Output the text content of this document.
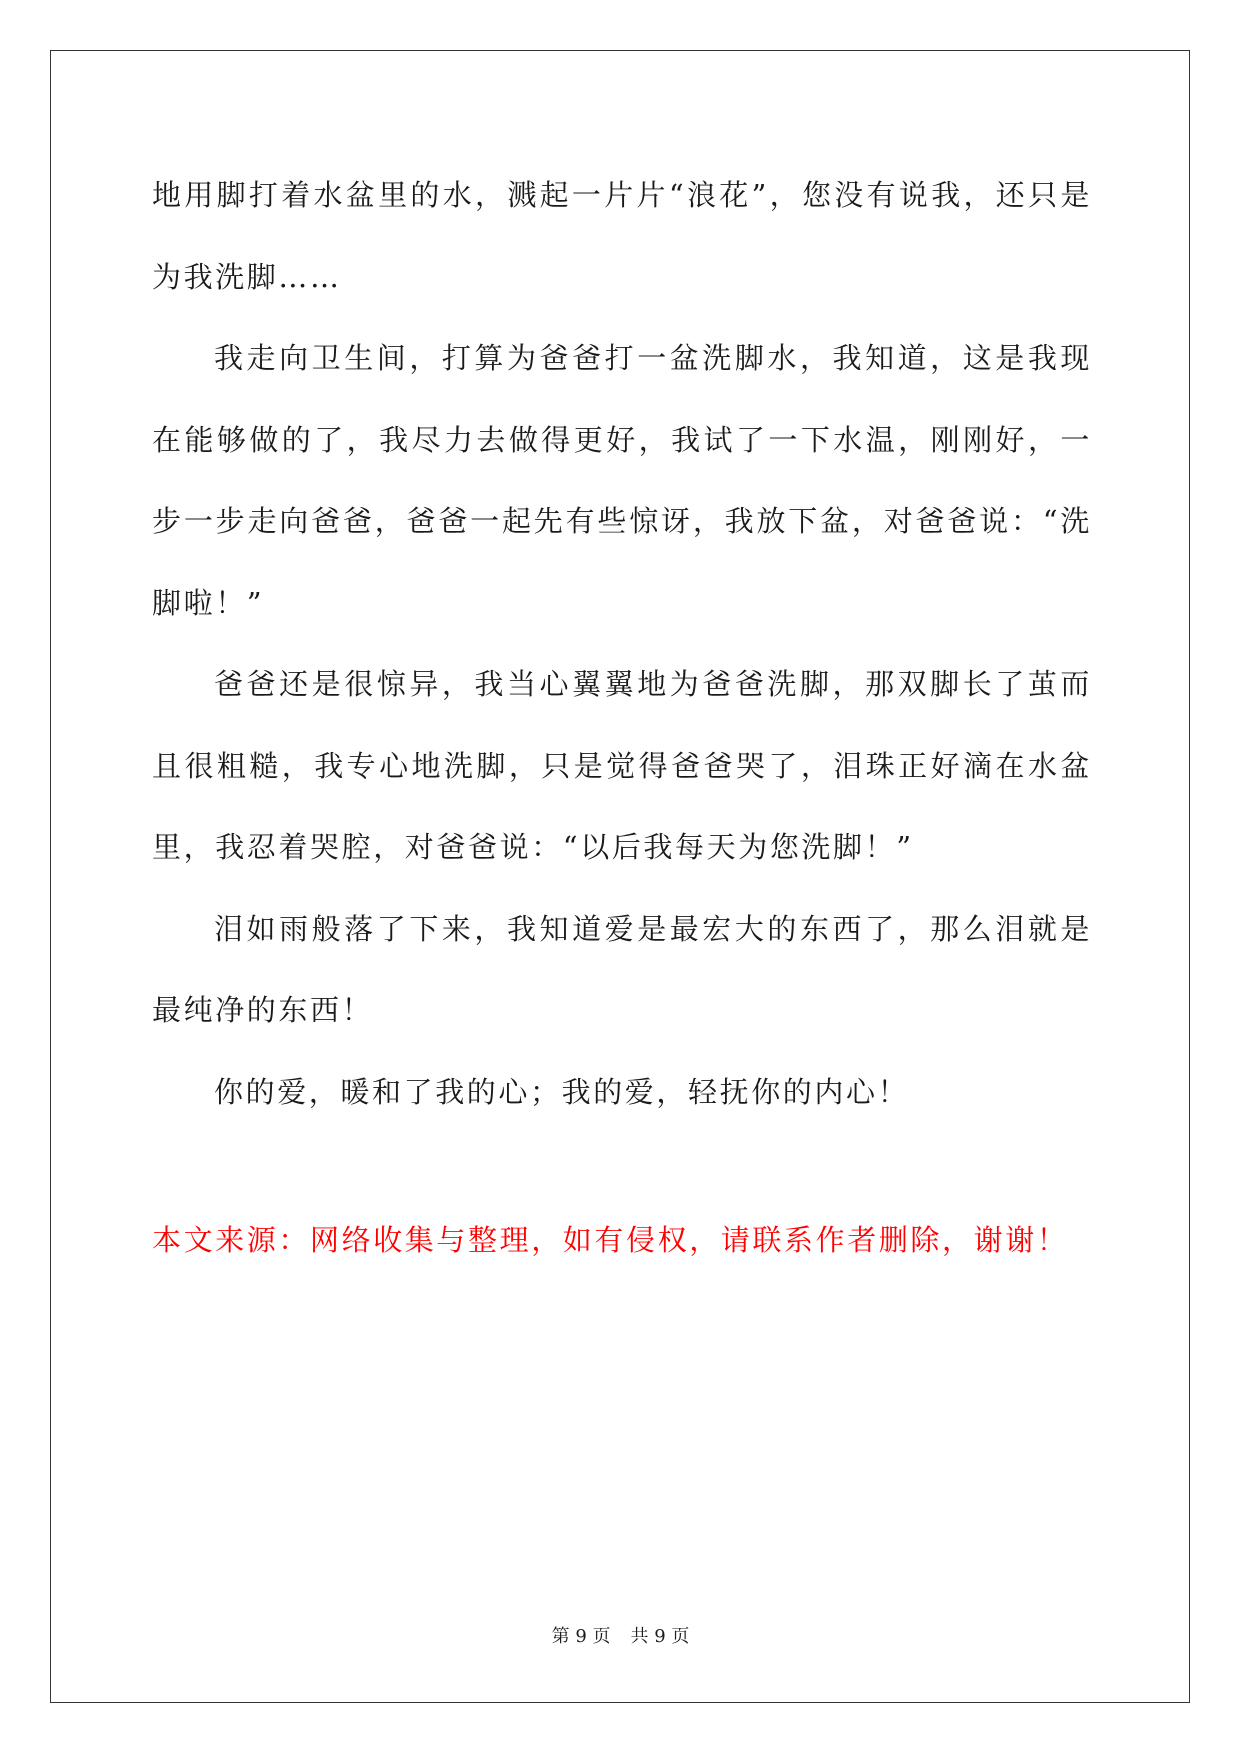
地用脚打着水盆里的水，溅起一片片“浪花”，您没有说我，还只是为我洗脚……

我走向卫生间，打算为爸爸打一盆洗脚水，我知道，这是我现在能够做的了，我尽力去做得更好，我试了一下水温，刚刚好，一步一步走向爸爸，爸爸一起先有些惊讶，我放下盆，对爸爸说：“洗脚啦！”

爸爸还是很惊异，我当心翼翼地为爸爸洗脚，那双脚长了茧而且很粗糙，我专心地洗脚，只是觉得爸爸哭了，泪珠正好滴在水盆里，我忍着哭腔，对爸爸说：“以后我每天为您洗脚！”

泪如雨般落了下来，我知道爱是最宏大的东西了，那么泪就是最纯净的东西！

你的爱，暖和了我的心；我的爱，轻抚你的内心！

本文来源：网络收集与整理，如有侵权，请联系作者删除，谢谢！

第 9 页 共 9 页
